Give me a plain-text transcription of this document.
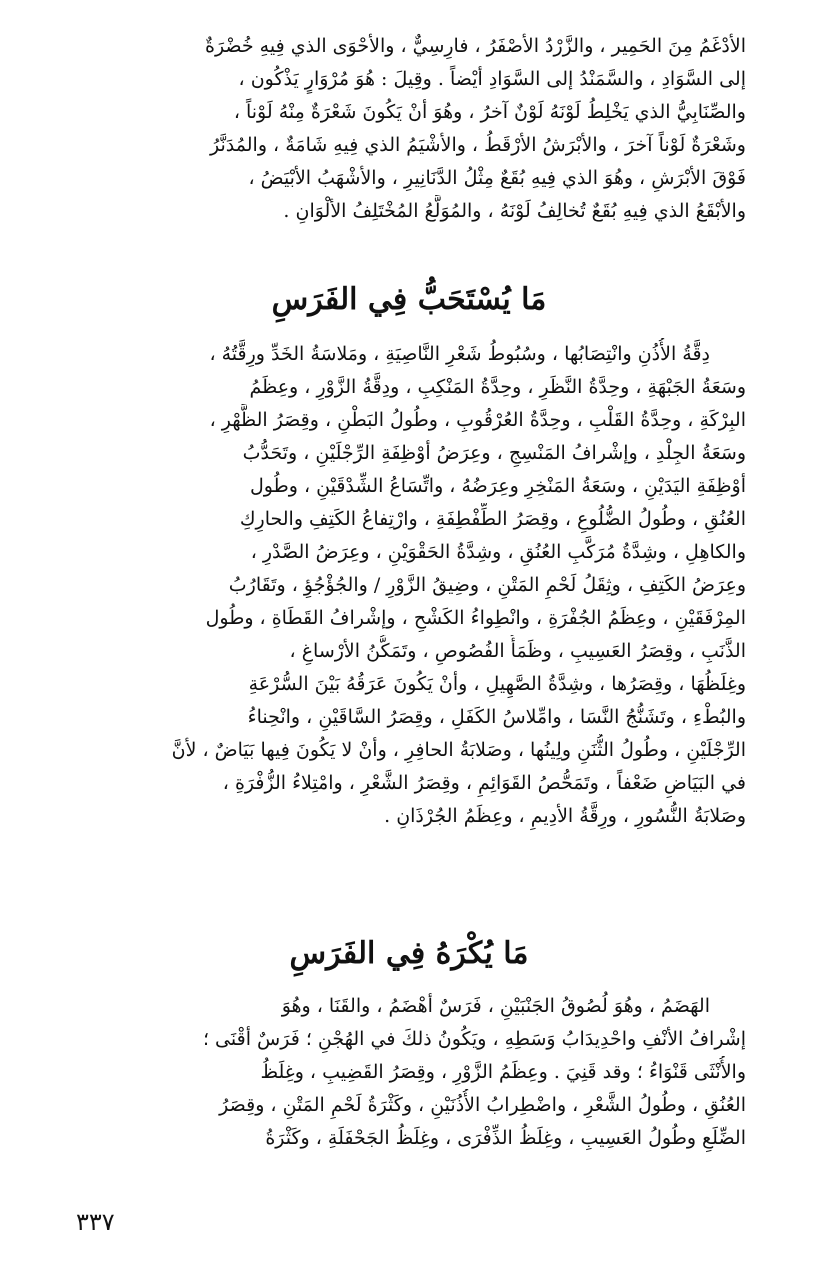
الأدْغَمُ مِنَ الحَمِير ، والزَّرْدُ الأصْفَرُ ، فارِسِيٌّ ، والأحْوَى الذي فِيهِ خُضْرَةٌ
إلى السَّوَادِ ، والسَّمَنْدُ إلى السَّوَادِ أيْضاً . وقِيلَ : هُوَ مُرْوَارٍ يَذْكُون ،
والصِّنَابِيُّ الذي يَخْلِطُ لَوْنَهُ لَوْنٌ آخرُ ، وهُوَ أنْ يَكُونَ شَعْرَةٌ مِنْهُ لَوْناً ،
وشَعْرَةٌ لَوْناً آخرَ ، والأبْرَشُ الأرْقَطُ ، والأشْيَمُ الذي فِيهِ شَامَةٌ ، والمُدَنَّرُ
فَوْقَ الأبْرَشِ ، وهُوَ الذي فِيهِ بُقَعٌ مِثْلُ الدَّنَانِيرِ ، والأشْهَبُ الأبْيَضُ ،
والأبْقَعُ الذي فِيهِ بُقَعٌ تُخالِفُ لَوْنَهُ ، والمُوَلَّعُ المُخْتَلِفُ الألْوَانِ .
مَا يُسْتَحَبُّ فِي الفَرَسِ
دِقَّةُ الأُذُنِ وانْتِصَابُها ، وسُبُوطُ شَعْرِ النَّاصِيَةِ ، ومَلاسَةُ الخَدِّ ورِقَّتُهُ ،
وسَعَةُ الجَبْهَةِ ، وحِدَّةُ النَّظَرِ ، وحِدَّةُ المَنْكِبِ ، ودِقَّةُ الزَّوْرِ ، وعِظَمُ
البِرْكَةِ ، وحِدَّةُ القَلْبِ ، وحِدَّةُ العُرْقُوبِ ، وطُولُ البَطْنِ ، وقِصَرُ الظَّهْرِ ،
وسَعَةُ الجِلْدِ ، وإشْرافُ المَنْسِجِ ، وعِرَضُ أوْظِفَةِ الرِّجْلَيْنِ ، وتَحَدُّبُ
أوْظِفَةِ اليَدَيْنِ ، وسَعَةُ المَنْخِرِ وعِرَضُهُ ، واتِّسَاعُ الشِّدْقَيْنِ ، وطُول
العُنُقِ ، وطُولُ الضُّلُوعِ ، وقِصَرُ الطِّفْطِفَةِ ، وارْتِفاعُ الكَتِفِ والحارِكِ
والكاهِلِ ، وشِدَّةُ مُرَكَّبِ العُنُقِ ، وشِدَّةُ الحَقْوَيْنِ ، وعِرَضُ الصَّدْرِ ،
وعِرَضُ الكَتِفِ ، وثِقَلُ لَحْمِ المَتْنِ ، وضِيقُ الزَّوْرِ / والجُؤْجُؤِ ، وتَقَارُبُ
المِرْفَقَيْنِ ، وعِظَمُ الجُفْرَةِ ، وانْطِواءُ الكَشْحِ ، وإشْرافُ القَطَاةِ ، وطُول
الذَّنَبِ ، وقِصَرُ العَسِيبِ ، وظَمَأُ الفُصُوصِ ، وتَمَكُّنُ الأرْساغِ ،
وغِلَظُهَا ، وقِصَرُها ، وشِدَّةُ الصَّهِيلِ ، وأنْ يَكُونَ عَرَقُهُ بَيْنَ السُّرْعَةِ
والبُطْءِ ، وتَشَنُّجُ النَّسَا ، وامِّلاسُ الكَفَلِ ، وقِصَرُ السَّاقَيْنِ ، وانْحِناءُ
الرِّجْلَيْنِ ، وطُولُ الثُّنَنِ ولِينُها ، وصَلابَةُ الحافِرِ ، وأنْ لا يَكُونَ فِيها بَيَاضٌ ، لأنَّ
في البَيَاضِ ضَعْفاً ، وتَمَحُّصُ القَوَائِمِ ، وقِصَرُ الشَّعْرِ ، وامْتِلاءُ الزُّفْرَةِ ،
وصَلابَةُ النُّسُورِ ، ورِقَّةُ الأدِيمِ ، وعِظَمُ الجُرْذَانِ .
مَا يُكْرَهُ فِي الفَرَسِ
الهَضَمُ ، وهُوَ لُصُوقُ الجَنْبَيْنِ ، فَرَسٌ أهْضَمُ ، والقَنَا ، وهُوَ
إشْرافُ الأنْفِ واحْدِيدَابُ وَسَطِهِ ، ويَكُونُ ذلكَ في الهُجْنِ ؛ فَرَسٌ أقْنَى ؛
والأُنْثَى قَنْوَاءُ ؛ وقد قَنِيَ . وعِظَمُ الزَّوْرِ ، وقِصَرُ القَضِيبِ ، وغِلَظُ
العُنُقِ ، وطُولُ الشَّعْرِ ، واضْطِرابُ الأُذُنَيْنِ ، وكَثْرَةُ لَحْمِ المَتْنِ ، وقِصَرُ
الضِّلَعِ وطُولُ العَسِيبِ ، وغِلَظُ الذِّفْرَى ، وغِلَظُ الجَحْفَلَةِ ، وكَثْرَةُ
٣٣٧
